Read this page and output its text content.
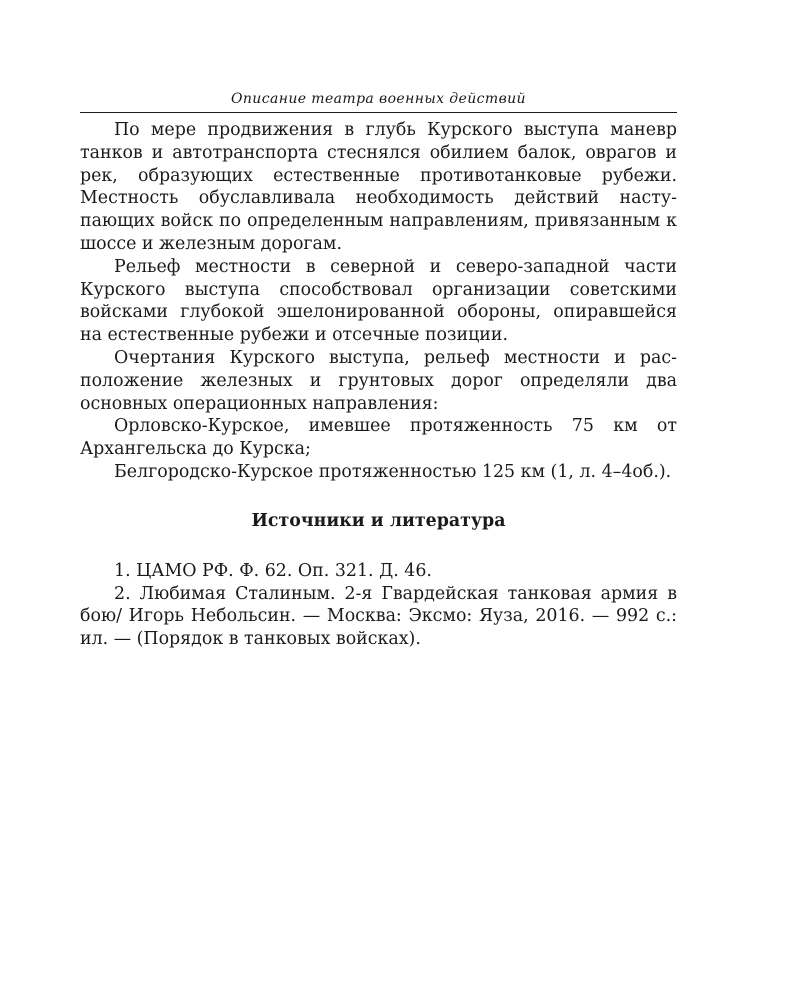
Описание театра военных действий

По мере продвижения в глубь Курского выступа маневр танков и автотранспорта стеснялся обилием балок, оврагов и рек, образующих естественные противотанковые рубежи. Местность обуславливала необходимость действий наступающих войск по определенным направлениям, привязанным к шоссе и железным дорогам.

Рельеф местности в северной и северо-западной части Курского выступа способствовал организации советскими войсками глубокой эшелонированной обороны, опиравшейся на естественные рубежи и отсечные позиции.

Очертания Курского выступа, рельеф местности и расположение железных и грунтовых дорог определяли два основных операционных направления:

Орловско-Курское, имевшее протяженность 75 км от Архангельска до Курска;

Белгородско-Курское протяженностью 125 км (1, л. 4–4об.).

Источники и литература

1. ЦАМО РФ. Ф. 62. Оп. 321. Д. 46.

2. Любимая Сталиным. 2-я Гвардейская танковая армия в бою/ Игорь Небольсин. — Москва: Эксмо: Яуза, 2016. — 992 с.: ил. — (Порядок в танковых войсках).
